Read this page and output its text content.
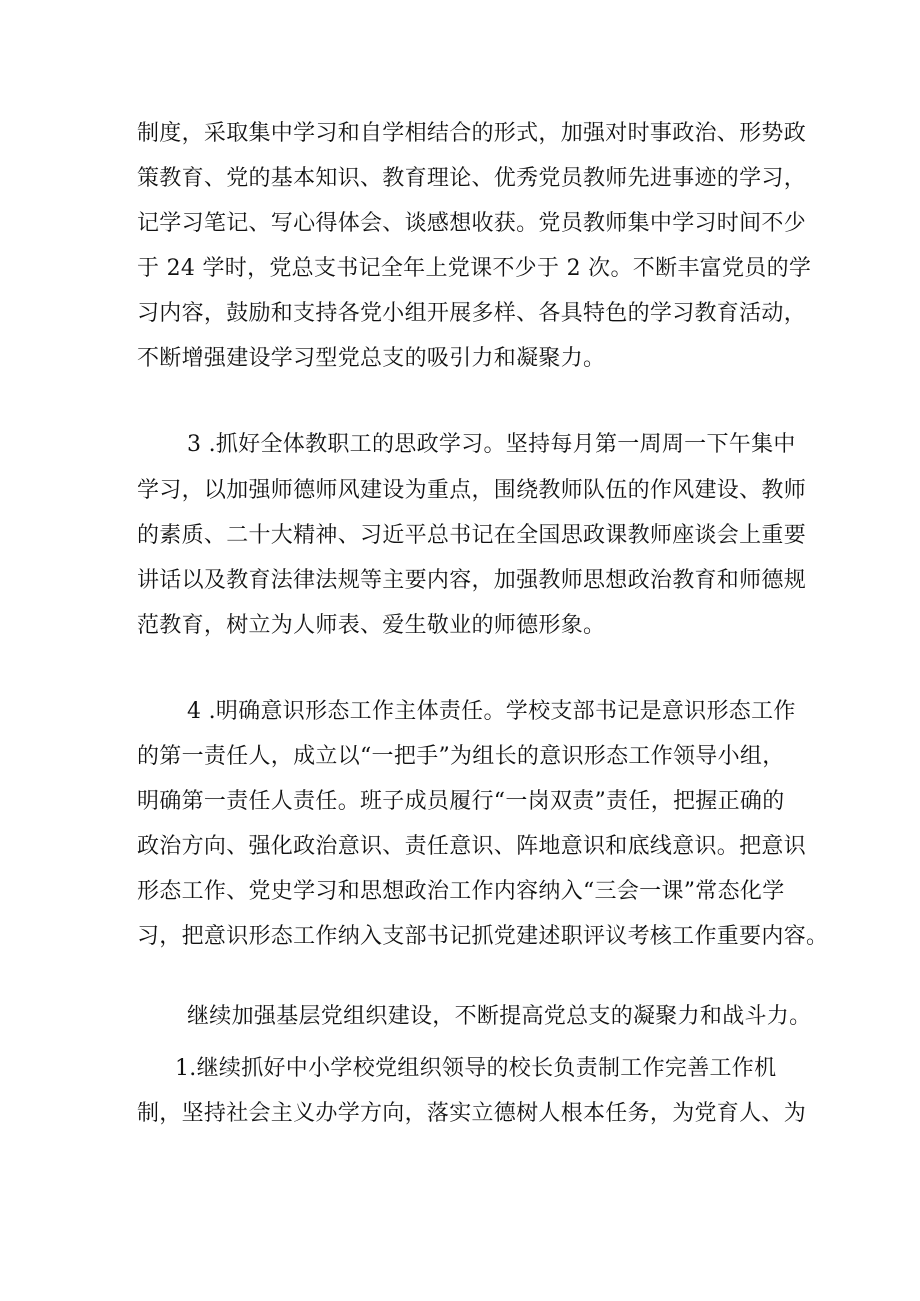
制度，采取集中学习和自学相结合的形式，加强对时事政治、形势政
策教育、党的基本知识、教育理论、优秀党员教师先进事迹的学习，
记学习笔记、写心得体会、谈感想收获。党员教师集中学习时间不少
于 24 学时，党总支书记全年上党课不少于 2 次。不断丰富党员的学
习内容，鼓励和支持各党小组开展多样、各具特色的学习教育活动，
不断增强建设学习型党总支的吸引力和凝聚力。
3 .抓好全体教职工的思政学习。坚持每月第一周周一下午集中
学习，以加强师德师风建设为重点，围绕教师队伍的作风建设、教师
的素质、二十大精神、习近平总书记在全国思政课教师座谈会上重要
讲话以及教育法律法规等主要内容，加强教师思想政治教育和师德规
范教育，树立为人师表、爱生敬业的师德形象。
4 .明确意识形态工作主体责任。学校支部书记是意识形态工作
的第一责任人，成立以“一把手”为组长的意识形态工作领导小组，
明确第一责任人责任。班子成员履行“一岗双责”责任，把握正确的
政治方向、强化政治意识、责任意识、阵地意识和底线意识。把意识
形态工作、党史学习和思想政治工作内容纳入“三会一课”常态化学
习，把意识形态工作纳入支部书记抓党建述职评议考核工作重要内容。
继续加强基层党组织建设，不断提高党总支的凝聚力和战斗力。
1.继续抓好中小学校党组织领导的校长负责制工作完善工作机
制，坚持社会主义办学方向，落实立德树人根本任务，为党育人、为
